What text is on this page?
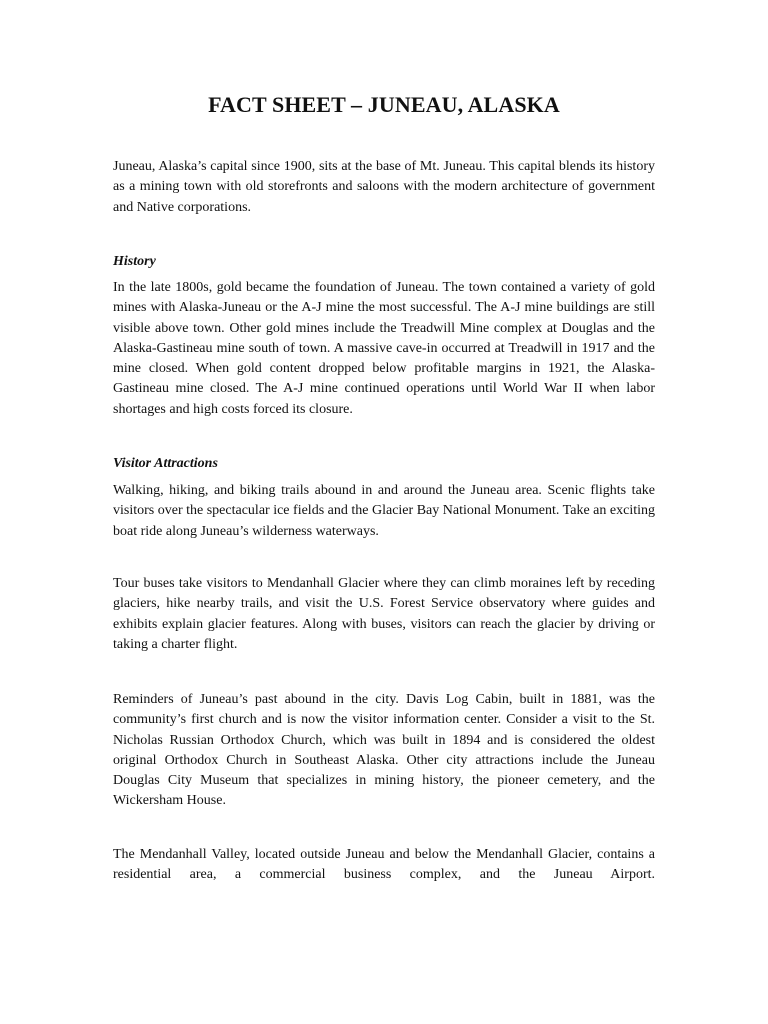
FACT SHEET – JUNEAU, ALASKA

Juneau, Alaska’s capital since 1900, sits at the base of Mt. Juneau. This capital blends its history as a mining town with old storefronts and saloons with the modern architecture of government and Native corporations.

History

In the late 1800s, gold became the foundation of Juneau. The town contained a variety of gold mines with Alaska-Juneau or the A-J mine the most successful. The A-J mine buildings are still visible above town. Other gold mines include the Treadwill Mine complex at Douglas and the Alaska-Gastineau mine south of town. A massive cave-in occurred at Treadwill in 1917 and the mine closed. When gold content dropped below profitable margins in 1921, the Alaska-Gastineau mine closed. The A-J mine continued operations until World War II when labor shortages and high costs forced its closure.

Visitor Attractions

Walking, hiking, and biking trails abound in and around the Juneau area. Scenic flights take visitors over the spectacular ice fields and the Glacier Bay National Monument. Take an exciting boat ride along Juneau’s wilderness waterways.

Tour buses take visitors to Mendanhall Glacier where they can climb moraines left by receding glaciers, hike nearby trails, and visit the U.S. Forest Service observatory where guides and exhibits explain glacier features. Along with buses, visitors can reach the glacier by driving or taking a charter flight.

Reminders of Juneau’s past abound in the city. Davis Log Cabin, built in 1881, was the community’s first church and is now the visitor information center. Consider a visit to the St. Nicholas Russian Orthodox Church, which was built in 1894 and is considered the oldest original Orthodox Church in Southeast Alaska. Other city attractions include the Juneau Douglas City Museum that specializes in mining history, the pioneer cemetery, and the Wickersham House.

The Mendanhall Valley, located outside Juneau and below the Mendanhall Glacier, contains a residential area, a commercial business complex, and the Juneau Airport.
